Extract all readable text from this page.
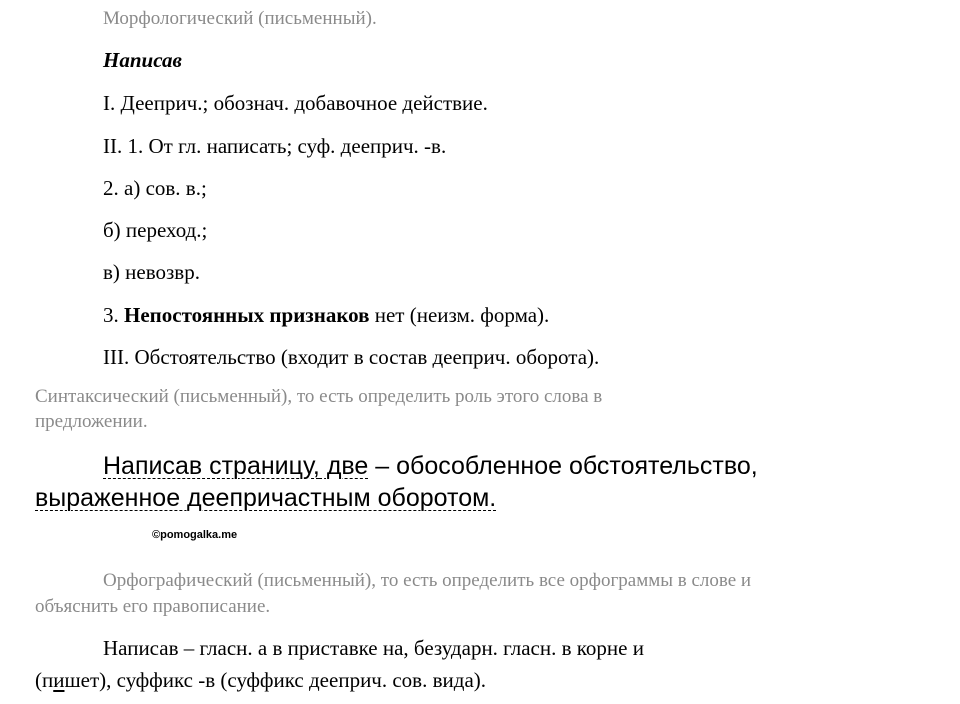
Морфологический (письменный).

Написав

I. Дееприч.; обознач. добавочное действие.

II. 1. От гл. написать; суф. дееприч. -в.

2. а) сов. в.;

б) переход.;

в) невозвр.

3. Непостоянных признаков нет (неизм. форма).

III. Обстоятельство (входит в состав дееприч. оборота).

Синтаксический (письменный), то есть определить роль этого слова в

предложении.

Написав страницу, две – обособленное обстоятельство,

выраженное деепричастным оборотом.

©pomogalka.me

Орфографический (письменный), то есть определить все орфограммы в слове и

объяснить его правописание.

Написав – гласн. а в приставке на, безударн. гласн. в корне и

(пишет), суффикс -в (суффикс дееприч. сов. вида).
